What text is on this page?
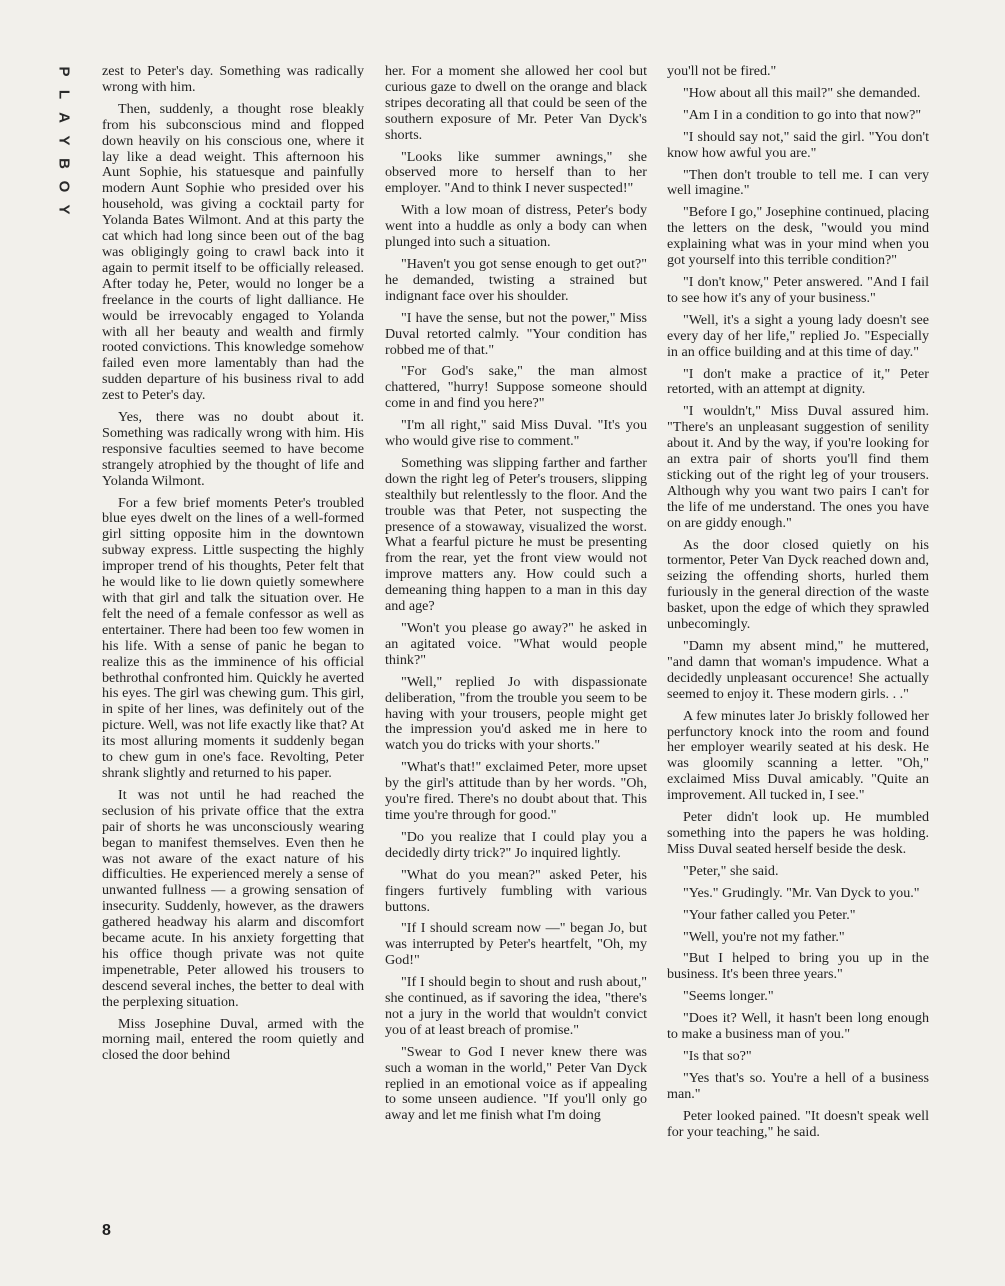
P
L
A
Y
B
O
Y

zest to Peter's day. Something was radically wrong with him.

Then, suddenly, a thought rose bleakly from his subconscious mind and flopped down heavily on his conscious one, where it lay like a dead weight. This afternoon his Aunt Sophie, his statuesque and painfully modern Aunt Sophie who presided over his household, was giving a cocktail party for Yolanda Bates Wilmont. And at this party the cat which had long since been out of the bag was obligingly going to crawl back into it again to permit itself to be officially released. After today he, Peter, would no longer be a freelance in the courts of light dalliance. He would be irrevocably engaged to Yolanda with all her beauty and wealth and firmly rooted convictions. This knowledge somehow failed even more lamentably than had the sudden departure of his business rival to add zest to Peter's day.

Yes, there was no doubt about it. Something was radically wrong with him. His responsive faculties seemed to have become strangely atrophied by the thought of life and Yolanda Wilmont.

For a few brief moments Peter's troubled blue eyes dwelt on the lines of a well-formed girl sitting opposite him in the downtown subway express. Little suspecting the highly improper trend of his thoughts, Peter felt that he would like to lie down quietly somewhere with that girl and talk the situation over. He felt the need of a female confessor as well as entertainer. There had been too few women in his life. With a sense of panic he began to realize this as the imminence of his official bethrothal confronted him. Quickly he averted his eyes. The girl was chewing gum. This girl, in spite of her lines, was definitely out of the picture. Well, was not life exactly like that? At its most alluring moments it suddenly began to chew gum in one's face. Revolting, Peter shrank slightly and returned to his paper.

It was not until he had reached the seclusion of his private office that the extra pair of shorts he was unconsciously wearing began to manifest themselves. Even then he was not aware of the exact nature of his difficulties. He experienced merely a sense of unwanted fullness — a growing sensation of insecurity. Suddenly, however, as the drawers gathered headway his alarm and discomfort became acute. In his anxiety forgetting that his office though private was not quite impenetrable, Peter allowed his trousers to descend several inches, the better to deal with the perplexing situation.

Miss Josephine Duval, armed with the morning mail, entered the room quietly and closed the door behind

her. For a moment she allowed her cool but curious gaze to dwell on the orange and black stripes decorating all that could be seen of the southern exposure of Mr. Peter Van Dyck's shorts.

"Looks like summer awnings," she observed more to herself than to her employer. "And to think I never suspected!"

With a low moan of distress, Peter's body went into a huddle as only a body can when plunged into such a situation.

"Haven't you got sense enough to get out?" he demanded, twisting a strained but indignant face over his shoulder.

"I have the sense, but not the power," Miss Duval retorted calmly. "Your condition has robbed me of that."

"For God's sake," the man almost chattered, "hurry! Suppose someone should come in and find you here?"

"I'm all right," said Miss Duval. "It's you who would give rise to comment."

Something was slipping farther and farther down the right leg of Peter's trousers, slipping stealthily but relentlessly to the floor. And the trouble was that Peter, not suspecting the presence of a stowaway, visualized the worst. What a fearful picture he must be presenting from the rear, yet the front view would not improve matters any. How could such a demeaning thing happen to a man in this day and age?

"Won't you please go away?" he asked in an agitated voice. "What would people think?"

"Well," replied Jo with dispassionate deliberation, "from the trouble you seem to be having with your trousers, people might get the impression you'd asked me in here to watch you do tricks with your shorts."

"What's that!" exclaimed Peter, more upset by the girl's attitude than by her words. "Oh, you're fired. There's no doubt about that. This time you're through for good."

"Do you realize that I could play you a decidedly dirty trick?" Jo inquired lightly.

"What do you mean?" asked Peter, his fingers furtively fumbling with various buttons.

"If I should scream now —" began Jo, but was interrupted by Peter's heartfelt, "Oh, my God!"

"If I should begin to shout and rush about," she continued, as if savoring the idea, "there's not a jury in the world that wouldn't convict you of at least breach of promise."

"Swear to God I never knew there was such a woman in the world," Peter Van Dyck replied in an emotional voice as if appealing to some unseen audience. "If you'll only go away and let me finish what I'm doing

you'll not be fired."

"How about all this mail?" she demanded.

"Am I in a condition to go into that now?"

"I should say not," said the girl. "You don't know how awful you are."

"Then don't trouble to tell me. I can very well imagine."

"Before I go," Josephine continued, placing the letters on the desk, "would you mind explaining what was in your mind when you got yourself into this terrible condition?"

"I don't know," Peter answered. "And I fail to see how it's any of your business."

"Well, it's a sight a young lady doesn't see every day of her life," replied Jo. "Especially in an office building and at this time of day."

"I don't make a practice of it," Peter retorted, with an attempt at dignity.

"I wouldn't," Miss Duval assured him. "There's an unpleasant suggestion of senility about it. And by the way, if you're looking for an extra pair of shorts you'll find them sticking out of the right leg of your trousers. Although why you want two pairs I can't for the life of me understand. The ones you have on are giddy enough."

As the door closed quietly on his tormentor, Peter Van Dyck reached down and, seizing the offending shorts, hurled them furiously in the general direction of the waste basket, upon the edge of which they sprawled unbecomingly.

"Damn my absent mind," he muttered, "and damn that woman's impudence. What a decidedly unpleasant occurence! She actually seemed to enjoy it. These modern girls. . ."

A few minutes later Jo briskly followed her perfunctory knock into the room and found her employer wearily seated at his desk. He was gloomily scanning a letter. "Oh," exclaimed Miss Duval amicably. "Quite an improvement. All tucked in, I see."

Peter didn't look up. He mumbled something into the papers he was holding. Miss Duval seated herself beside the desk.

"Peter," she said.

"Yes." Grudingly. "Mr. Van Dyck to you."

"Your father called you Peter."

"Well, you're not my father."

"But I helped to bring you up in the business. It's been three years."

"Seems longer."

"Does it? Well, it hasn't been long enough to make a business man of you."

"Is that so?"

"Yes that's so. You're a hell of a business man."

Peter looked pained. "It doesn't speak well for your teaching," he said.

8
